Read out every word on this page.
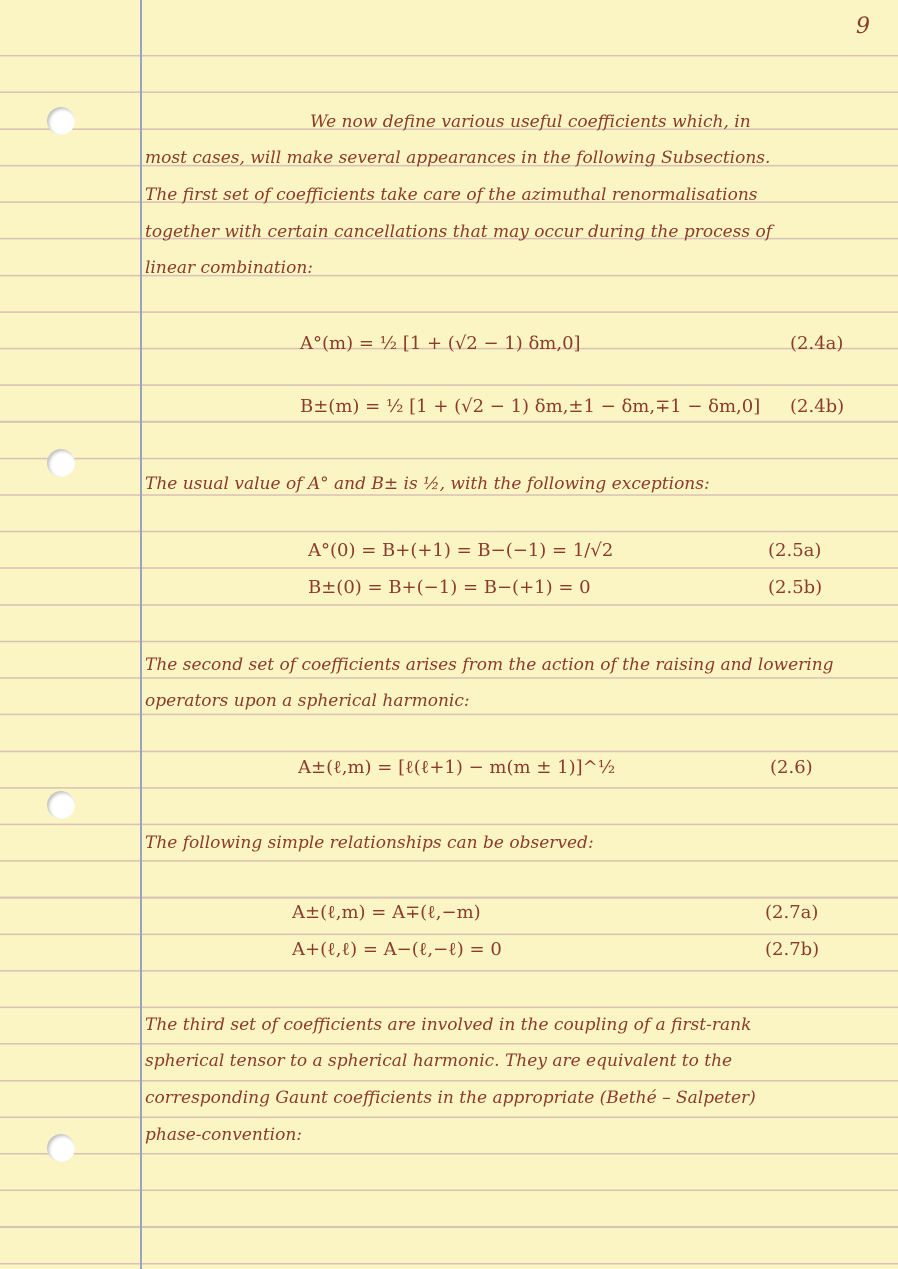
9
We now define various useful coefficients which, in
most cases, will make several appearances in the following Subsections.
The first set of coefficients take care of the azimuthal renormalisations
together with certain cancellations that may occur during the process of
linear combination:
A°(m) = ½ [1 + (√2 − 1) δm,0]	(2.4a)
B±(m) = ½ [1 + (√2 − 1) δm,±1 − δm,∓1 − δm,0] (2.4b)
The usual value of A° and B± is ½, with the following exceptions:
A°(0) = B+(+1) = B−(−1) = 1/√2	(2.5a)
B±(0) = B+(−1) = B−(+1) = 0	(2.5b)
The second set of coefficients arises from the action of the raising and lowering
operators upon a spherical harmonic:
A±(ℓ,m) = [ℓ(ℓ+1) − m(m ± 1)]^½	(2.6)
The following simple relationships can be observed:
A±(ℓ,m) = A∓(ℓ,−m)	(2.7a)
A+(ℓ,ℓ) = A−(ℓ,−ℓ) = 0	(2.7b)
The third set of coefficients are involved in the coupling of a first-rank
spherical tensor to a spherical harmonic. They are equivalent to the
corresponding Gaunt coefficients in the appropriate (Bethé – Salpeter)
phase-convention:
